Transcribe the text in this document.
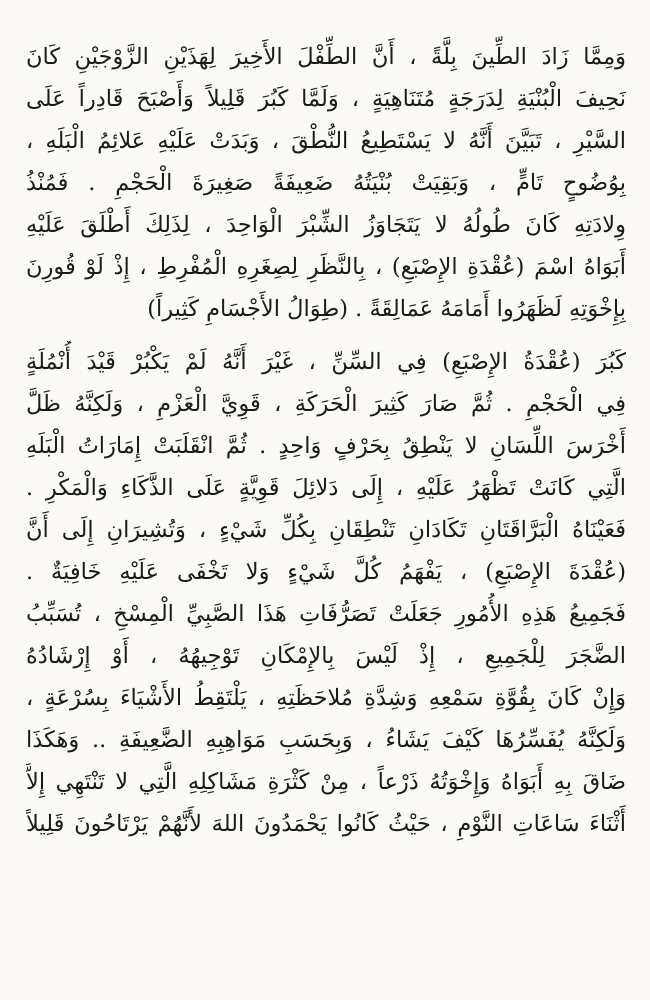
وَمِمَّا زَادَ الطِّينَ بِلَّةً ، أَنَّ الطِّفْلَ الأَخِيرَ لِهَذَيْنِ الزَّوْجَيْنِ كَانَ
نَحِيفَ الْبُنْيَةِ لِدَرَجَةٍ مُتَنَاهِيَةٍ ، وَلَمَّا كَبُرَ قَلِيلاً وَأَصْبَحَ قَادِراً عَلَى
السَّيْرِ ، تَبَيَّنَ أَنَّهُ لا يَسْتَطِيعُ النُّطْقَ ، وَبَدَتْ عَلَيْهِ عَلائِمُ الْبَلَهِ ،
بِوُضُوحٍ تَامٍّ ، وَبَقِيَتْ بُنْيَتُهُ ضَعِيفَةً صَغِيرَةَ الْحَجْمِ . فَمُنْذُ
وِلادَتِهِ كَانَ طُولُهُ لا يَتَجَاوَزُ الشِّبْرَ الْوَاحِدَ ، لِذَلِكَ أَطْلَقَ عَلَيْهِ
أَبَوَاهُ اسْمَ (عُقْدَةِ الإِصْبَعِ) ، بِالنَّظَرِ لِصِغَرِهِ الْمُفْرِطِ ، إِذْ لَوْ قُورِنَ
بِإِخْوَتِهِ لَظَهَرُوا أَمَامَهُ عَمَالِقَةً . (طِوَالُ الأَجْسَامِ كَثِيراً)

كَبُرَ (عُقْدَةُ الإِصْبَعِ) فِي السِّنِّ ، غَيْرَ أَنَّهُ لَمْ يَكْبُرْ قَيْدَ أُنْمُلَةٍ
فِي الْحَجْمِ . ثُمَّ صَارَ كَثِيرَ الْحَرَكَةِ ، قَوِيَّ الْعَزْمِ ، وَلَكِنَّهُ ظَلَّ
أَخْرَسَ اللِّسَانِ لا يَنْطِقُ بِحَرْفٍ وَاحِدٍ . ثُمَّ انْقَلَبَتْ إِمَارَاتُ الْبَلَهِ
الَّتِي كَانَتْ تَظْهَرُ عَلَيْهِ ، إِلَى دَلائِلَ قَوِيَّةٍ عَلَى الذَّكَاءِ وَالْمَكْرِ .
فَعَيْنَاهُ الْبَرَّاقَتَانِ تَكَادَانِ تَنْطِقَانِ بِكُلِّ شَيْءٍ ، وَتُشِيرَانِ إِلَى أَنَّ
(عُقْدَةَ الإِصْبَعِ) ، يَفْهَمُ كُلَّ شَيْءٍ وَلا تَخْفَى عَلَيْهِ خَافِيَةٌ .
فَجَمِيعُ هَذِهِ الأُمُورِ جَعَلَتْ تَصَرُّفَاتِ هَذَا الصَّبِيِّ الْمِسْخِ ، تُسَبِّبُ
الضَّجَرَ لِلْجَمِيعِ ، إِذْ لَيْسَ بِالإِمْكَانِ تَوْجِيهُهُ ، أَوْ إِرْشَادُهُ
وَإِنْ كَانَ بِقُوَّةِ سَمْعِهِ وَشِدَّةِ مُلاحَظَتِهِ ، يَلْتَقِطُ الأَشْيَاءَ بِسُرْعَةٍ ،
وَلَكِنَّهُ يُفَسِّرُهَا كَيْفَ يَشَاءُ ، وَبِحَسَبِ مَوَاهِبِهِ الضَّعِيفَةِ .. وَهَكَذَا
ضَاقَ بِهِ أَبَوَاهُ وَإِخْوَتُهُ ذَرْعاً ، مِنْ كَثْرَةِ مَشَاكِلِهِ الَّتِي لا تَنْتَهِي إِلاَّ
أَثْنَاءَ سَاعَاتِ النَّوْمِ ، حَيْثُ كَانُوا يَحْمَدُونَ اللهَ لأَنَّهُمْ يَرْتَاحُونَ قَلِيلاً
